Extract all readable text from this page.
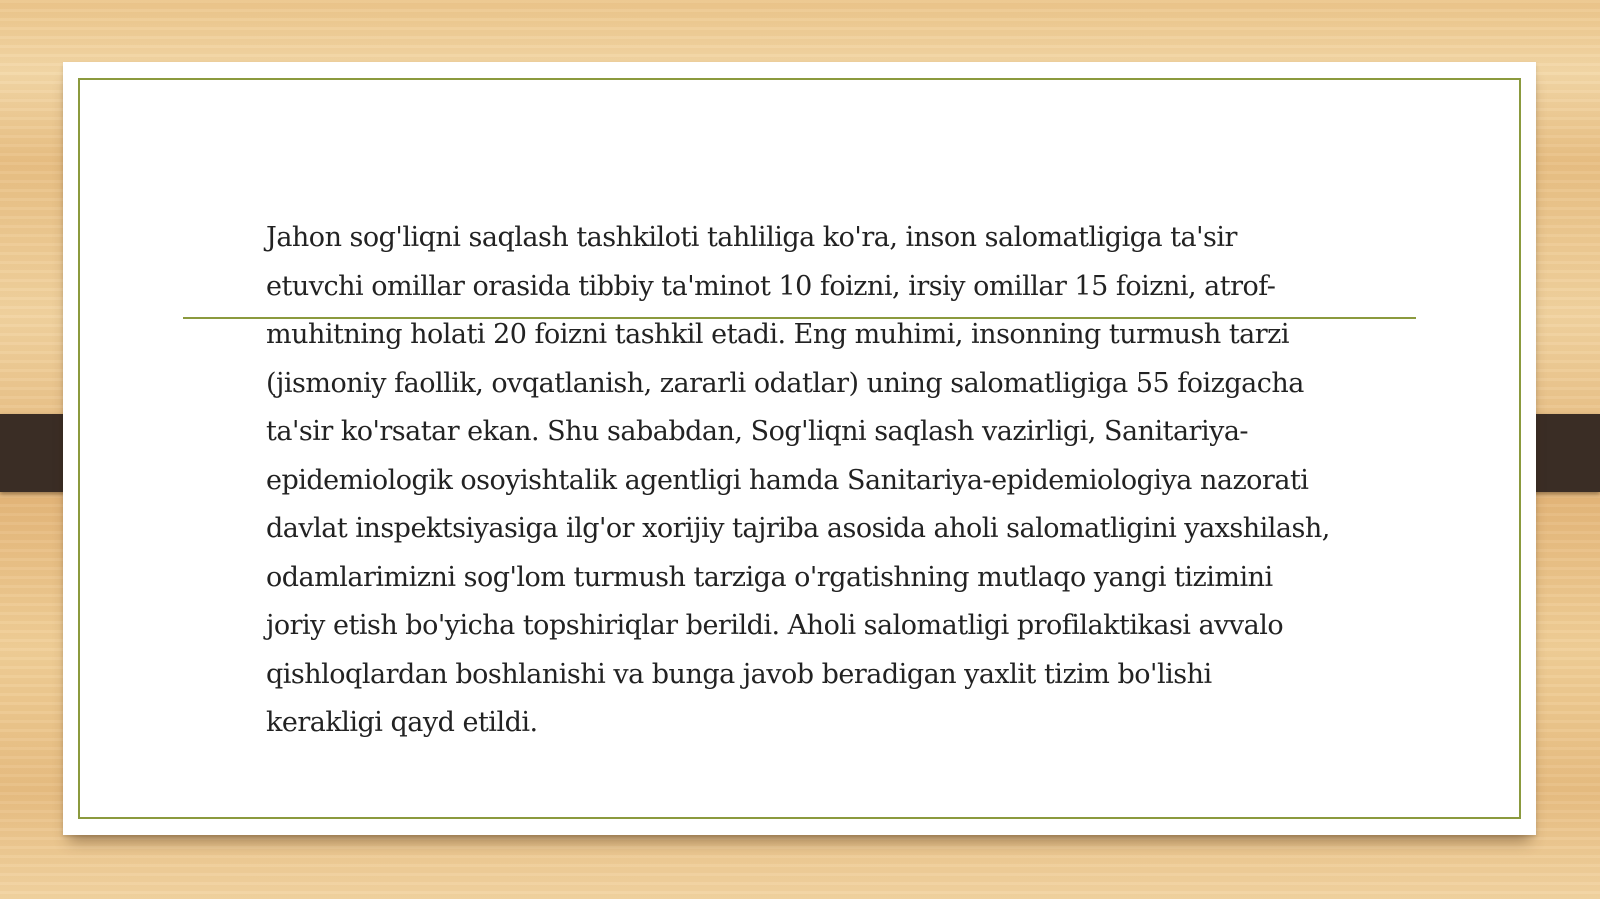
Jahon sog'liqni saqlash tashkiloti tahliliga ko'ra, inson salomatligiga ta'sir etuvchi omillar orasida tibbiy ta'minot 10 foizni, irsiy omillar 15 foizni, atrof-muhitning holati 20 foizni tashkil etadi. Eng muhimi, insonning turmush tarzi (jismoniy faollik, ovqatlanish, zararli odatlar) uning salomatligiga 55 foizgacha ta'sir ko'rsatar ekan. Shu sababdan, Sog'liqni saqlash vazirligi, Sanitariya-epidemiologik osoyishtalik agentligi hamda Sanitariya-epidemiologiya nazorati davlat inspektsiyasiga ilg'or xorijiy tajriba asosida aholi salomatligini yaxshilash, odamlarimizni sog'lom turmush tarziga o'rgatishning mutlaqo yangi tizimini joriy etish bo'yicha topshiriqlar berildi. Aholi salomatligi profilaktikasi avvalo qishloqlardan boshlanishi va bunga javob beradigan yaxlit tizim bo'lishi kerakligi qayd etildi.
